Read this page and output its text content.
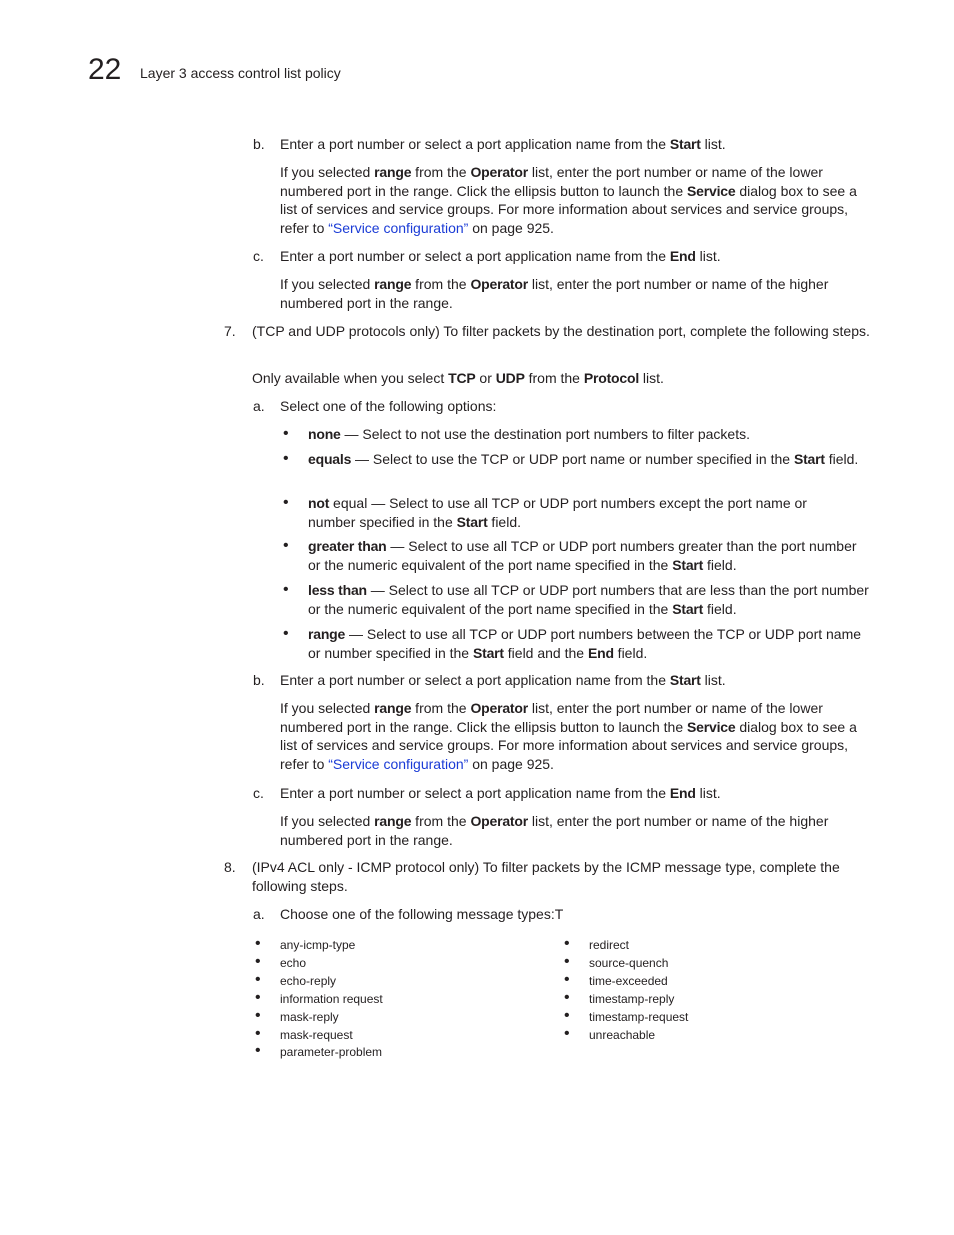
22 Layer 3 access control list policy
b. Enter a port number or select a port application name from the Start list.
If you selected range from the Operator list, enter the port number or name of the lower numbered port in the range. Click the ellipsis button to launch the Service dialog box to see a list of services and service groups. For more information about services and service groups, refer to “Service configuration” on page 925.
c. Enter a port number or select a port application name from the End list.
If you selected range from the Operator list, enter the port number or name of the higher numbered port in the range.
7. (TCP and UDP protocols only) To filter packets by the destination port, complete the following steps.
Only available when you select TCP or UDP from the Protocol list.
a. Select one of the following options:
• none — Select to not use the destination port numbers to filter packets.
• equals — Select to use the TCP or UDP port name or number specified in the Start field.
• not equal — Select to use all TCP or UDP port numbers except the port name or number specified in the Start field.
• greater than — Select to use all TCP or UDP port numbers greater than the port number or the numeric equivalent of the port name specified in the Start field.
• less than — Select to use all TCP or UDP port numbers that are less than the port number or the numeric equivalent of the port name specified in the Start field.
• range — Select to use all TCP or UDP port numbers between the TCP or UDP port name or number specified in the Start field and the End field.
b. Enter a port number or select a port application name from the Start list.
If you selected range from the Operator list, enter the port number or name of the lower numbered port in the range. Click the ellipsis button to launch the Service dialog box to see a list of services and service groups. For more information about services and service groups, refer to “Service configuration” on page 925.
c. Enter a port number or select a port application name from the End list.
If you selected range from the Operator list, enter the port number or name of the higher numbered port in the range.
8. (IPv4 ACL only - ICMP protocol only) To filter packets by the ICMP message type, complete the following steps.
a. Choose one of the following message types:T
• any-icmp-type
• echo
• echo-reply
• information request
• mask-reply
• mask-request
• parameter-problem
• redirect
• source-quench
• time-exceeded
• timestamp-reply
• timestamp-request
• unreachable
